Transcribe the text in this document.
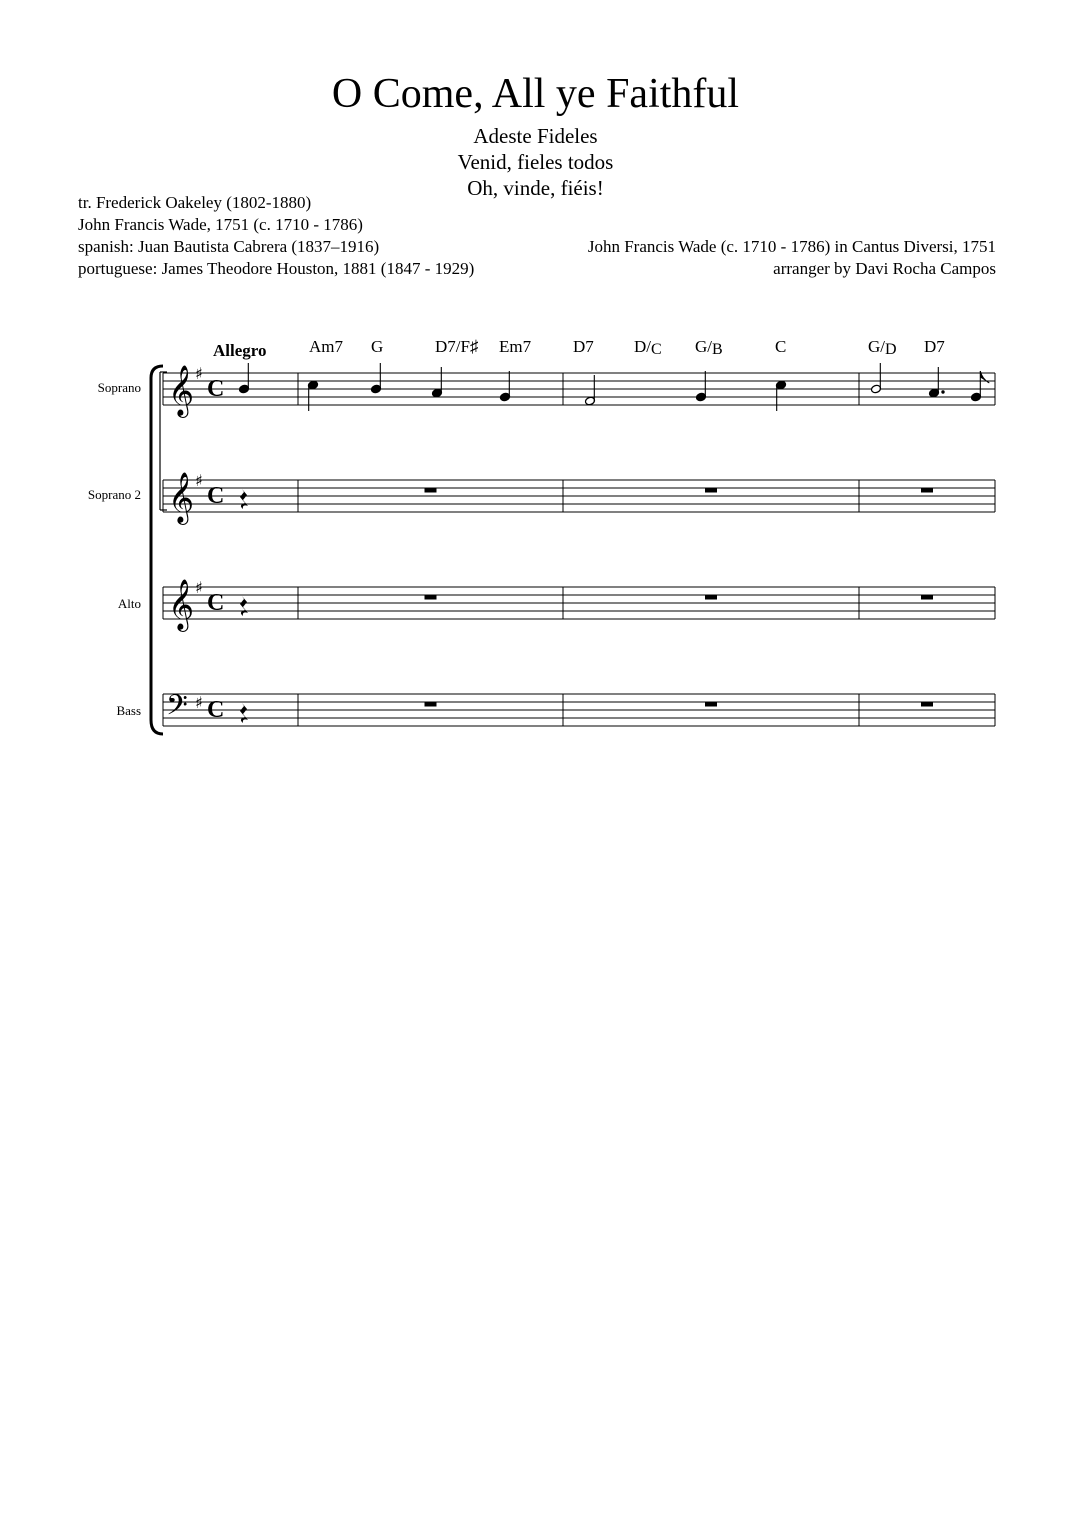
O Come, All ye Faithful
Adeste Fideles
Venid, fieles todos
Oh, vinde, fiéis!
tr. Frederick Oakeley (1802-1880)
John Francis Wade, 1751 (c. 1710 - 1786)
spanish: Juan Bautista Cabrera (1837–1916)
portuguese: James Theodore Houston, 1881 (1847 - 1929)
John Francis Wade (c. 1710 - 1786) in Cantus Diversi, 1751
arranger by Davi Rocha Campos
Allegro Am7 G	D7/F♯ Em7 D7 $D/_C$ $G/_B$	C	$G/_D$ D7
Soprano
Soprano 2
Alto
Bass
𝄞 ♯
C
𝄞 ♯
C
𝄞 ♯
C
𝄢 ♯ C
